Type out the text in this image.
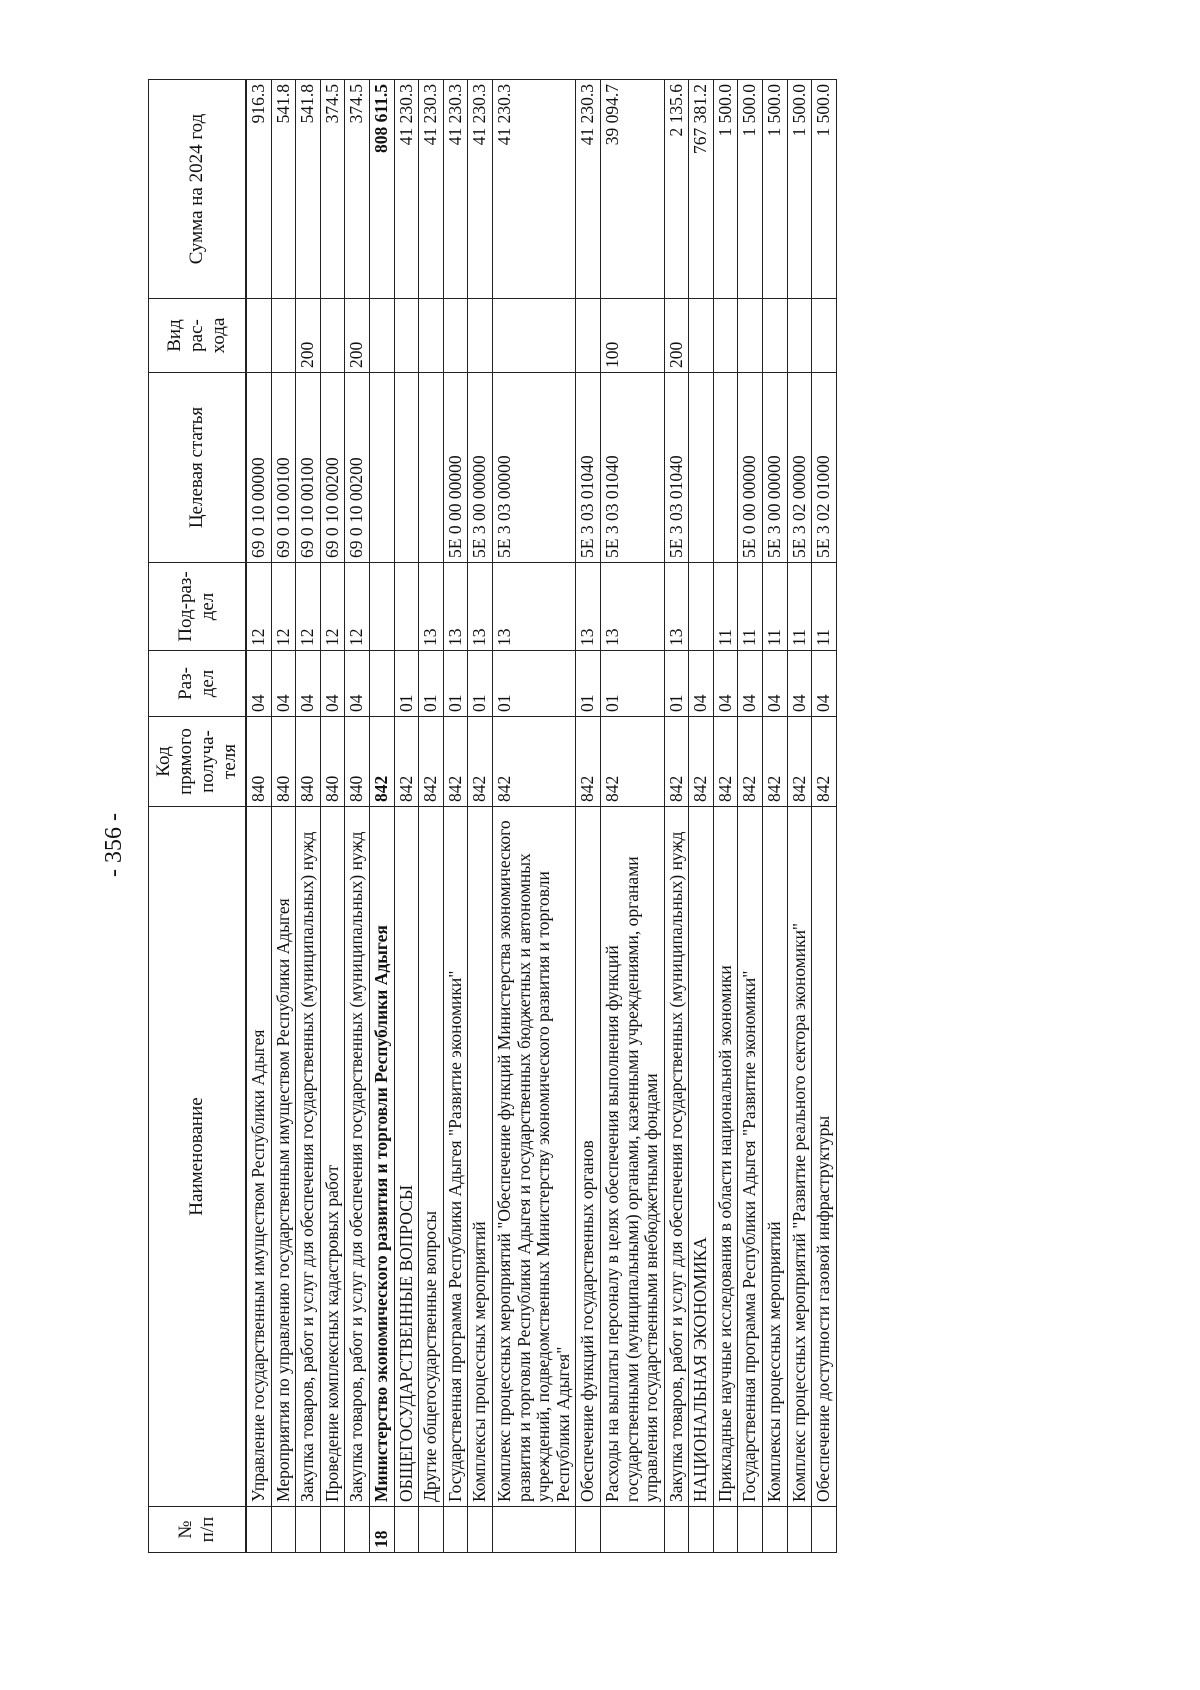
- 356 -
№ п/п	Наименование	Код прямого получа-теля	Раз-дел	Под-раз-дел	Целевая статья	Вид рас-хода	Сумма на 2024 год
	Управление государственным имуществом Республики Адыгея	840	04	12	69 0 10 00000		916.3
	Мероприятия по управлению государственным имуществом Республики Адыгея	840	04	12	69 0 10 00100		541.8
	Закупка товаров, работ и услуг для обеспечения государственных (муниципальных) нужд	840	04	12	69 0 10 00100	200	541.8
	Проведение комплексных кадастровых работ	840	04	12	69 0 10 00200		374.5
	Закупка товаров, работ и услуг для обеспечения государственных (муниципальных) нужд	840	04	12	69 0 10 00200	200	374.5
18	Министерство экономического развития и торговли Республики Адыгея	842					808 611.5
	ОБЩЕГОСУДАРСТВЕННЫЕ ВОПРОСЫ	842	01				41 230.3
	Другие общегосударственные вопросы	842	01	13			41 230.3
	Государственная программа Республики Адыгея "Развитие экономики"	842	01	13	5Е 0 00 00000		41 230.3
	Комплексы процессных мероприятий	842	01	13	5Е 3 00 00000		41 230.3
	Комплекс процессных мероприятий "Обеспечение функций Министерства экономического развития и торговли Республики Адыгея и государственных бюджетных и автономных учреждений, подведомственных Министерству экономического развития и торговли Республики Адыгея"	842	01	13	5Е 3 03 00000		41 230.3
	Обеспечение функций государственных органов	842	01	13	5Е 3 03 01040		41 230.3
	Расходы на выплаты персоналу в целях обеспечения выполнения функций государственными (муниципальными) органами, казенными учреждениями, органами управления государственными внебюджетными фондами	842	01	13	5Е 3 03 01040	100	39 094.7
	Закупка товаров, работ и услуг для обеспечения государственных (муниципальных) нужд	842	01	13	5Е 3 03 01040	200	2 135.6
	НАЦИОНАЛЬНАЯ ЭКОНОМИКА	842	04				767 381.2
	Прикладные научные исследования в области национальной экономики	842	04	11			1 500.0
	Государственная программа Республики Адыгея "Развитие экономики"	842	04	11	5Е 0 00 00000		1 500.0
	Комплексы процессных мероприятий	842	04	11	5Е 3 00 00000		1 500.0
	Комплекс процессных мероприятий "Развитие реального сектора экономики"	842	04	11	5Е 3 02 00000		1 500.0
	Обеспечение доступности газовой инфраструктуры	842	04	11	5Е 3 02 01000		1 500.0
